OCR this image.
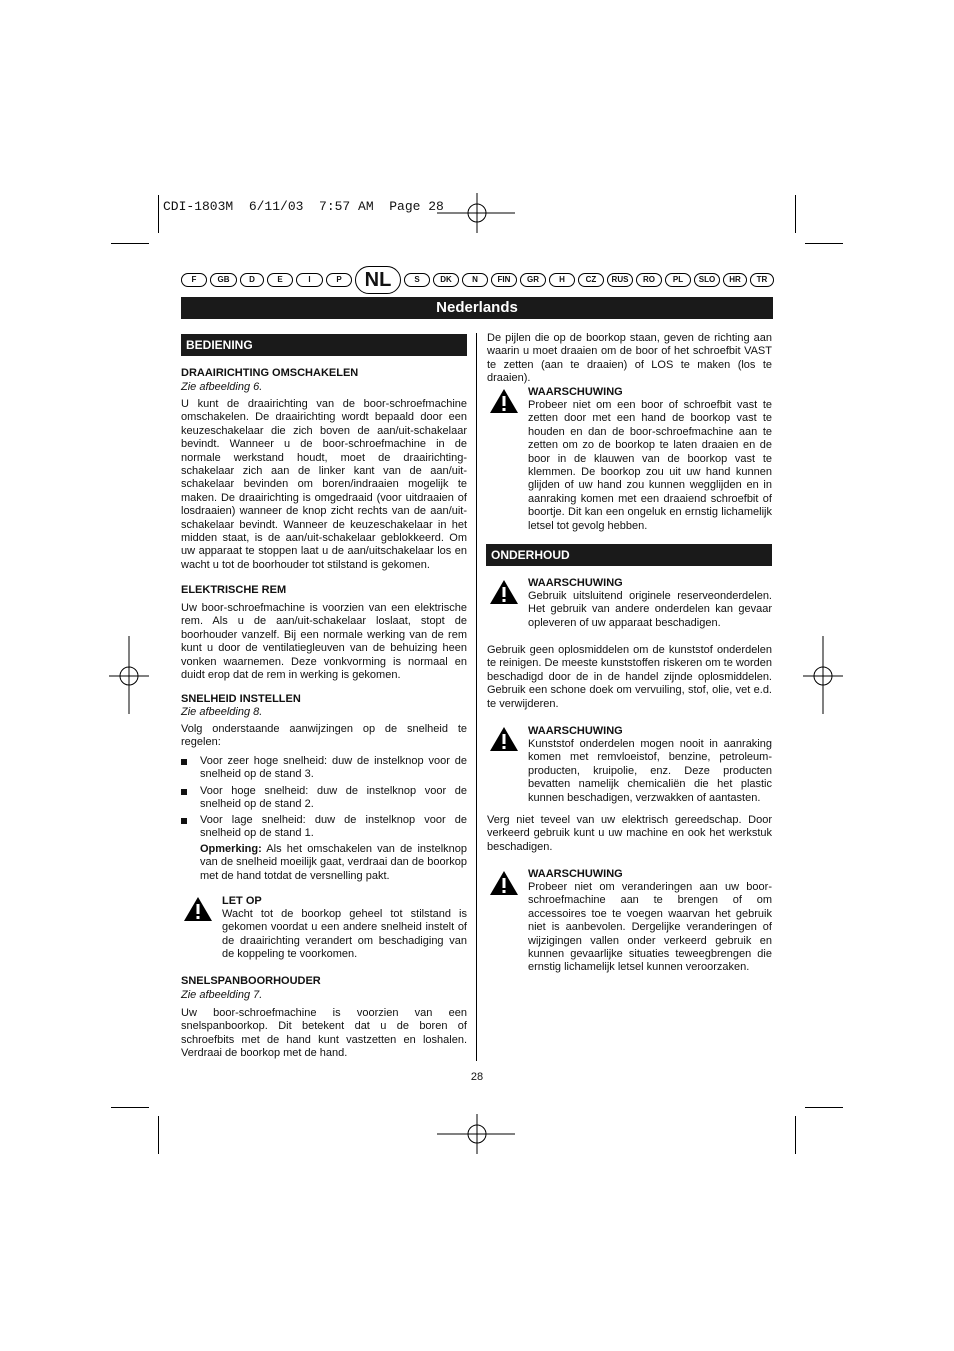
CDI-1803M  6/11/03  7:57 AM  Page 28
F	GB	D	E	I	P	NL	S	DK	N	FIN	GR	H	CZ	RUS	RO	PL	SLO	HR	TR
Nederlands
BEDIENING
DRAAIRICHTING OMSCHAKELEN
Zie afbeelding 6.
U kunt de draairichting van de boor-schroefmachine omschakelen. De draairichting wordt bepaald door een keuzeschakelaar die zich boven de aan/uit-schakelaar bevindt. Wanneer u de boor-schroefmachine in de normale werkstand houdt, moet de draairichting-schakelaar zich aan de linker kant van de aan/uit-schakelaar bevinden om boren/indraaien mogelijk te maken. De draairichting is omgedraaid (voor uitdraaien of losdraaien) wanneer de knop zicht rechts van de aan/uit-schakelaar bevindt. Wanneer de keuzeschakelaar in het midden staat, is de aan/uit-schakelaar geblokkeerd. Om uw apparaat te stoppen laat u de aan/uitschakelaar los en wacht u tot de boorhouder tot stilstand is gekomen.
ELEKTRISCHE REM
Uw boor-schroefmachine is voorzien van een elektrische rem. Als u de aan/uit-schakelaar loslaat, stopt de boorhouder vanzelf. Bij een normale werking van de rem kunt u door de ventilatiegleuven van de behuizing heen vonken waarnemen. Deze vonkvorming is normaal en duidt erop dat de rem in werking is gekomen.
SNELHEID INSTELLEN
Zie afbeelding 8.
Volg onderstaande aanwijzingen op de snelheid te regelen:
Voor zeer hoge snelheid: duw de instelknop voor de snelheid op de stand 3.
Voor hoge snelheid: duw de instelknop voor de snelheid op de stand 2.
Voor lage snelheid: duw de instelknop voor de snelheid op de stand 1.
Opmerking: Als het omschakelen van de instelknop van de snelheid moeilijk gaat, verdraai dan de boorkop met de hand totdat de versnelling pakt.
LET OP
Wacht tot de boorkop geheel tot stilstand is gekomen voordat u een andere snelheid instelt of de draairichting verandert om beschadiging van de koppeling te voorkomen.
SNELSPANBOORHOUDER
Zie afbeelding 7.
Uw boor-schroefmachine is voorzien van een snelspanboorkop. Dit betekent dat u de boren of schroefbits met de hand kunt vastzetten en loshalen. Verdraai de boorkop met de hand.
De pijlen die op de boorkop staan, geven de richting aan waarin u moet draaien om de boor of het schroefbit VAST te zetten (aan te draaien) of LOS te maken (los te draaien).
WAARSCHUWING
Probeer niet om een boor of schroefbit vast te zetten door met een hand de boorkop vast te houden en dan de boor-schroefmachine aan te zetten om zo de boorkop te laten draaien en de boor in de klauwen van de boorkop vast te klemmen. De boorkop zou uit uw hand kunnen glijden of uw hand zou kunnen wegglijden en in aanraking komen met een draaiend schroefbit of boortje. Dit kan een ongeluk en ernstig lichamelijk letsel tot gevolg hebben.
ONDERHOUD
WAARSCHUWING
Gebruik uitsluitend originele reserveonderdelen. Het gebruik van andere onderdelen kan gevaar opleveren of uw apparaat beschadigen.
Gebruik geen oplosmiddelen om de kunststof onderdelen te reinigen. De meeste kunststoffen riskeren om te worden beschadigd door de in de handel zijnde oplosmiddelen. Gebruik een schone doek om vervuiling, stof, olie, vet e.d. te verwijderen.
WAARSCHUWING
Kunststof onderdelen mogen nooit in aanraking komen met remvloeistof, benzine, petroleum-producten, kruipolie, enz. Deze producten bevatten namelijk chemicaliën die het plastic kunnen beschadigen, verzwakken of aantasten.
Verg niet teveel van uw elektrisch gereedschap. Door verkeerd gebruik kunt u uw machine en ook het werkstuk beschadigen.
WAARSCHUWING
Probeer niet om veranderingen aan uw boor-schroefmachine aan te brengen of om accessoires toe te voegen waarvan het gebruik niet is aanbevolen. Dergelijke veranderingen of wijzigingen vallen onder verkeerd gebruik en kunnen gevaarlijke situaties teweegbrengen die ernstig lichamelijk letsel kunnen veroorzaken.
28
